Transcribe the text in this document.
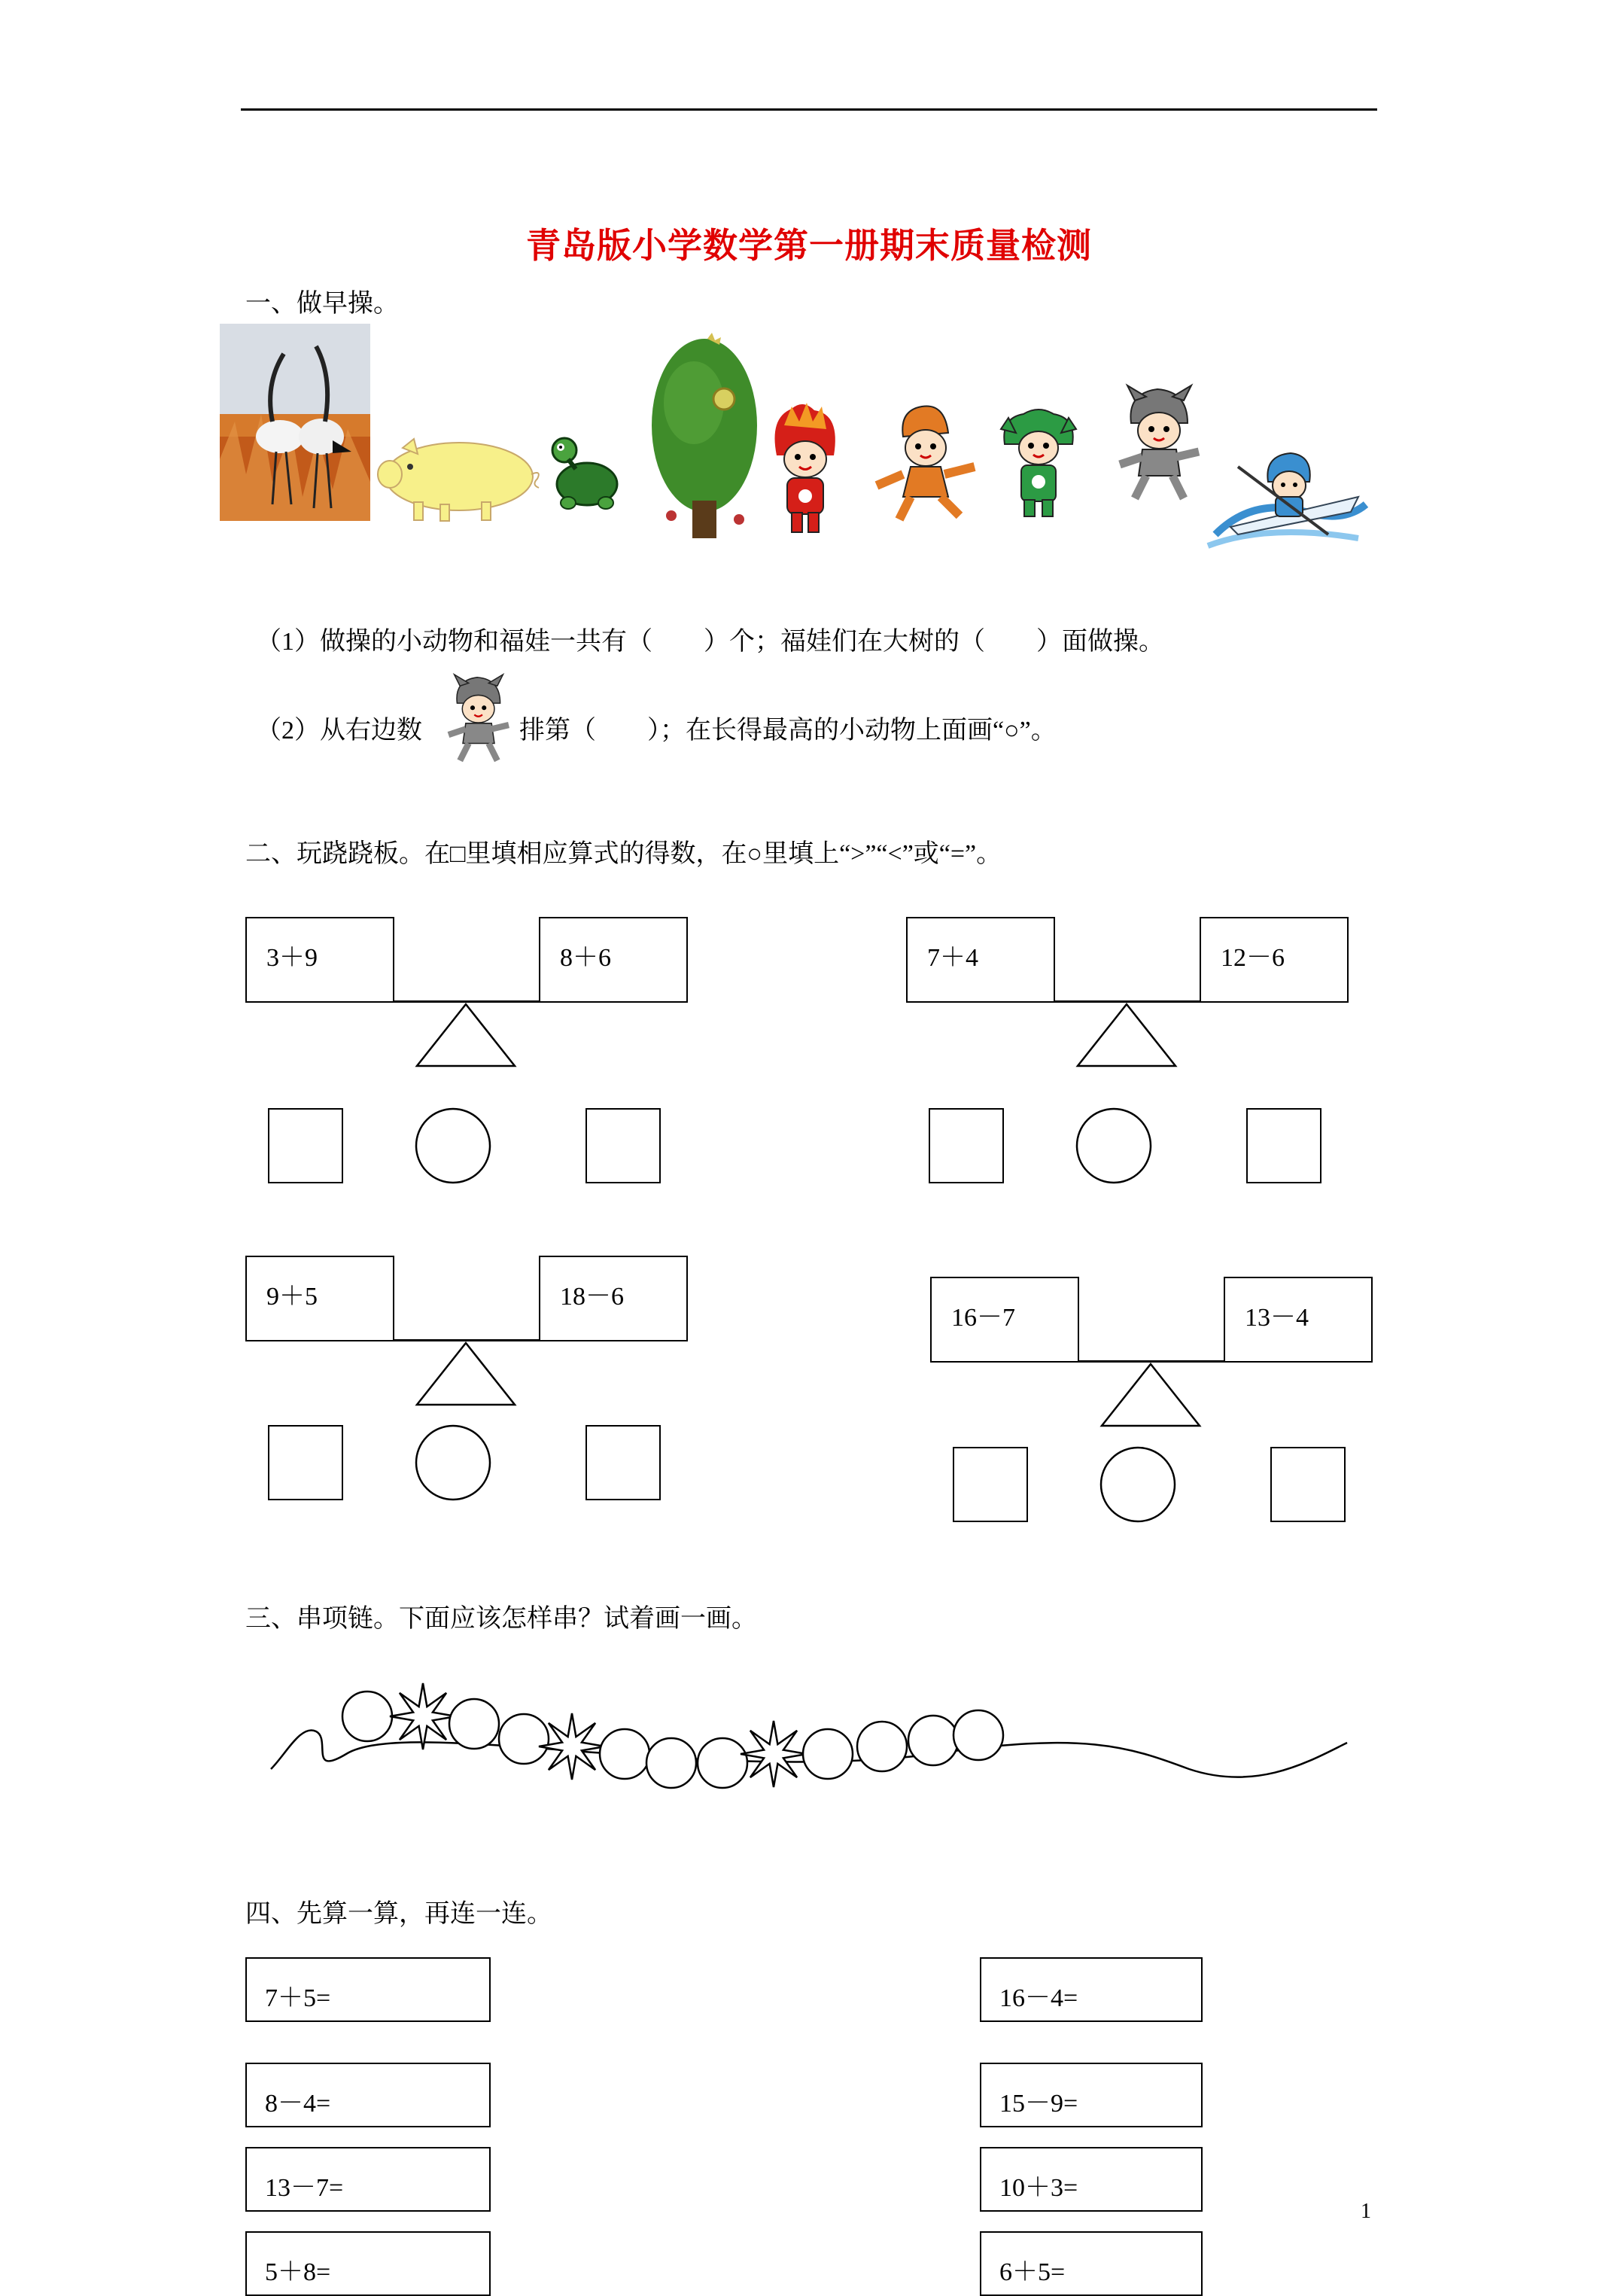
青岛版小学数学第一册期末质量检测
一、做早操。
（1）做操的小动物和福娃一共有（　　）个；福娃们在大树的（　　）面做操。
（2）从右边数	排第（　　）；在长得最高的小动物上面画“○”。
二、玩跷跷板。在□里填相应算式的得数，在○里填上“>”“<”或“=”。
3＋9	8＋6	7＋4	12－6
9＋5	18－6
16－7	13－4
三、串项链。下面应该怎样串？试着画一画。
四、先算一算，再连一连。
7＋5=
8－4=
13－7=
5＋8=
16－4=
15－9=
10＋3=
6＋5=
1
